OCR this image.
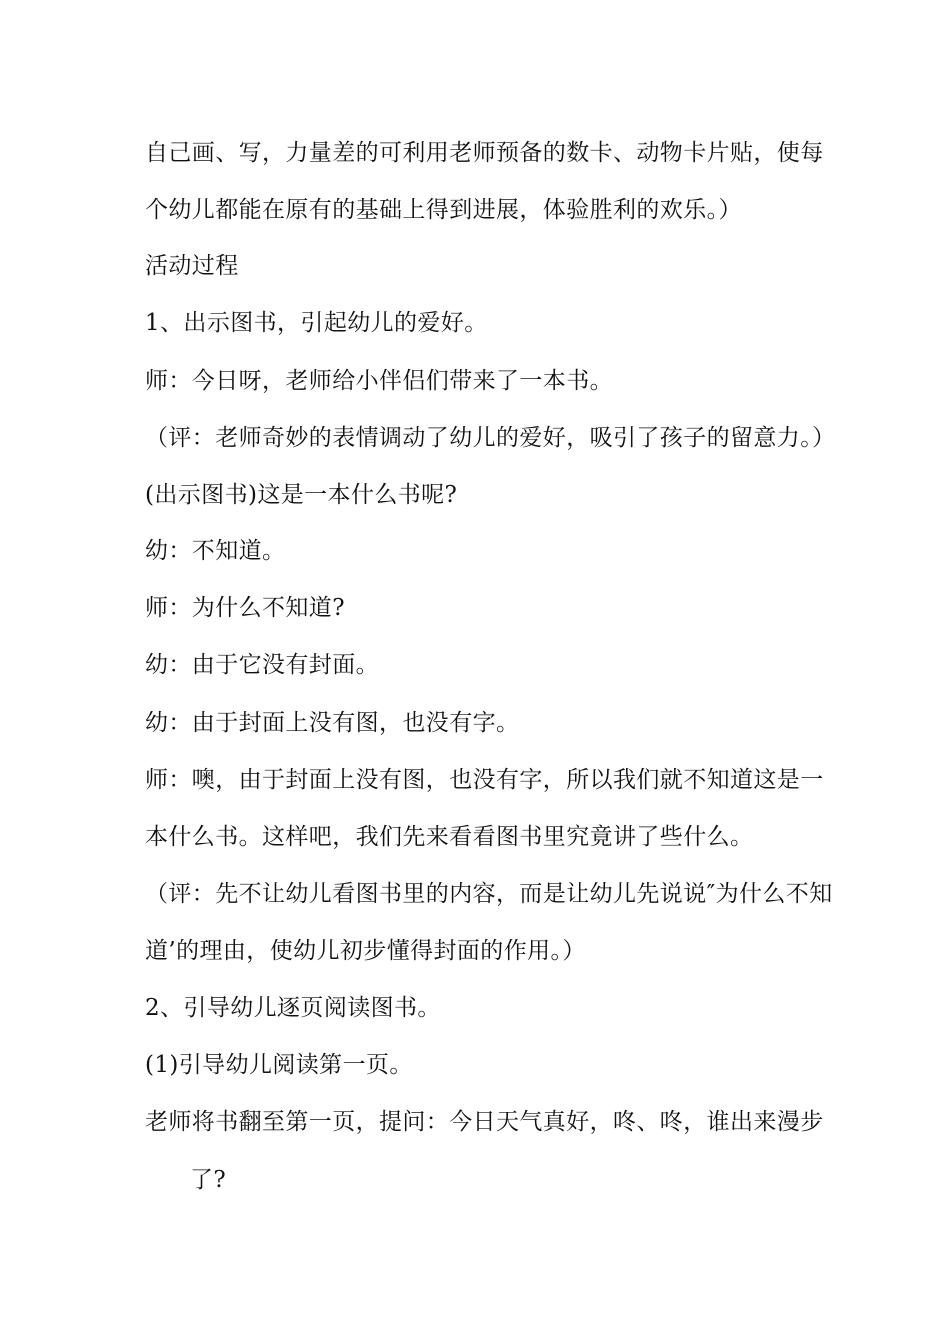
自己画、写，力量差的可利用老师预备的数卡、动物卡片贴，使每
个幼儿都能在原有的基础上得到进展，体验胜利的欢乐。）
活动过程
1、出示图书，引起幼儿的爱好。
师：今日呀，老师给小伴侣们带来了一本书。
（评：老师奇妙的表情调动了幼儿的爱好，吸引了孩子的留意力。）
(出示图书)这是一本什么书呢?
幼：不知道。
师：为什么不知道?
幼：由于它没有封面。
幼：由于封面上没有图，也没有字。
师：噢，由于封面上没有图，也没有字，所以我们就不知道这是一
本什么书。这样吧，我们先来看看图书里究竟讲了些什么。
（评：先不让幼儿看图书里的内容，而是让幼儿先说说″为什么不知
道’的理由，使幼儿初步懂得封面的作用。）
2、引导幼儿逐页阅读图书。
(1)引导幼儿阅读第一页。
老师将书翻至第一页，提问：今日天气真好，咚、咚，谁出来漫步
了?
